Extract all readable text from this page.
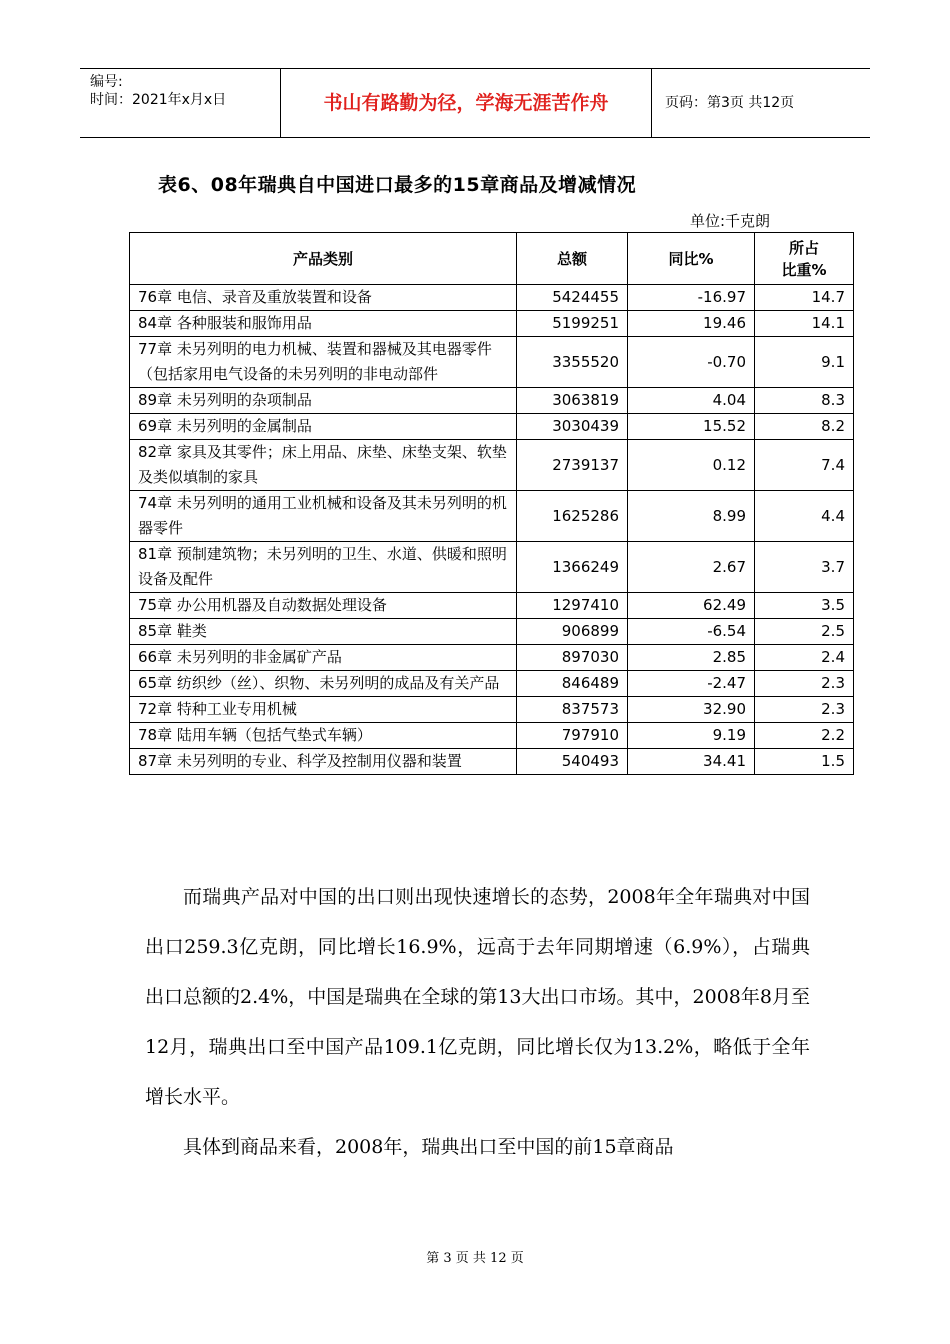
编号:
时间：2021年x月x日	书山有路勤为径，学海无涯苦作舟	页码：第3页 共12页
表6、08年瑞典自中国进口最多的15章商品及增减情况
单位:千克朗
产品类别	总额	同比%	所占
比重%
76章 电信、录音及重放装置和设备	5424455	-16.97	14.7
84章 各种服装和服饰用品	5199251	19.46	14.1
77章 未另列明的电力机械、装置和器械及其电器零件（包括家用电气设备的未另列明的非电动部件	3355520	-0.70	9.1
89章 未另列明的杂项制品	3063819	4.04	8.3
69章 未另列明的金属制品	3030439	15.52	8.2
82章 家具及其零件；床上用品、床垫、床垫支架、软垫及类似填制的家具	2739137	0.12	7.4
74章 未另列明的通用工业机械和设备及其未另列明的机器零件	1625286	8.99	4.4
81章 预制建筑物；未另列明的卫生、水道、供暖和照明设备及配件	1366249	2.67	3.7
75章 办公用机器及自动数据处理设备	1297410	62.49	3.5
85章 鞋类	906899	-6.54	2.5
66章 未另列明的非金属矿产品	897030	2.85	2.4
65章 纺织纱（丝）、织物、未另列明的成品及有关产品	846489	-2.47	2.3
72章 特种工业专用机械	837573	32.90	2.3
78章 陆用车辆（包括气垫式车辆）	797910	9.19	2.2
87章 未另列明的专业、科学及控制用仪器和装置	540493	34.41	1.5

而瑞典产品对中国的出口则出现快速增长的态势，2008年全年瑞典对中国出口259.3亿克朗，同比增长16.9%，远高于去年同期增速（6.9%），占瑞典出口总额的2.4%，中国是瑞典在全球的第13大出口市场。其中，2008年8月至12月，瑞典出口至中国产品109.1亿克朗，同比增长仅为13.2%，略低于全年增长水平。

具体到商品来看，2008年，瑞典出口至中国的前15章商品

第 3 页 共 12 页
